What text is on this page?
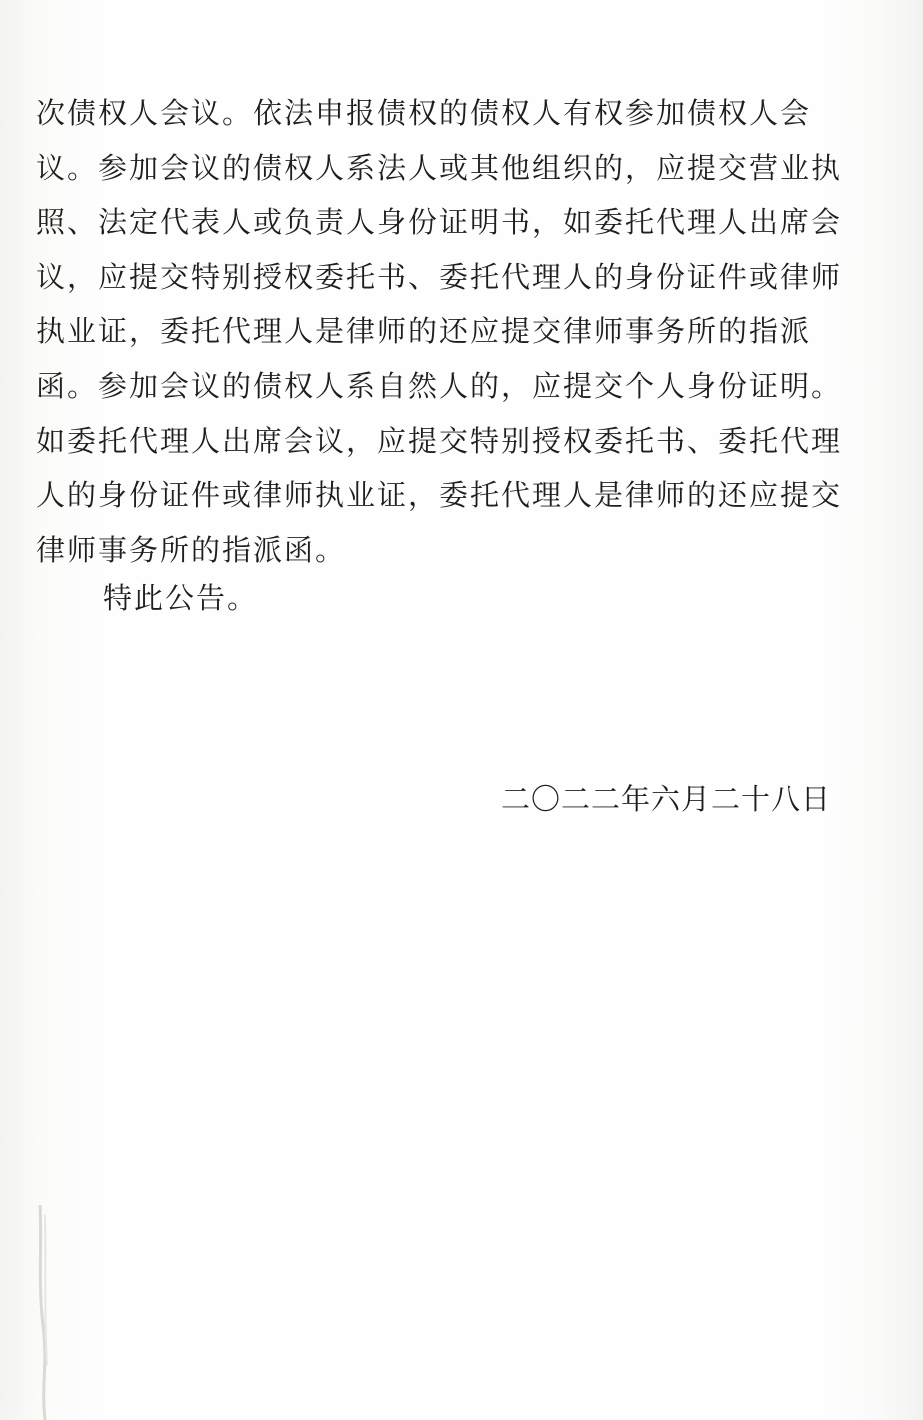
次债权人会议。依法申报债权的债权人有权参加债权人会
议。参加会议的债权人系法人或其他组织的，应提交营业执
照、法定代表人或负责人身份证明书，如委托代理人出席会
议，应提交特别授权委托书、委托代理人的身份证件或律师
执业证，委托代理人是律师的还应提交律师事务所的指派
函。参加会议的债权人系自然人的，应提交个人身份证明。
如委托代理人出席会议，应提交特别授权委托书、委托代理
人的身份证件或律师执业证，委托代理人是律师的还应提交
律师事务所的指派函。

特此公告。

二〇二二年六月二十八日
